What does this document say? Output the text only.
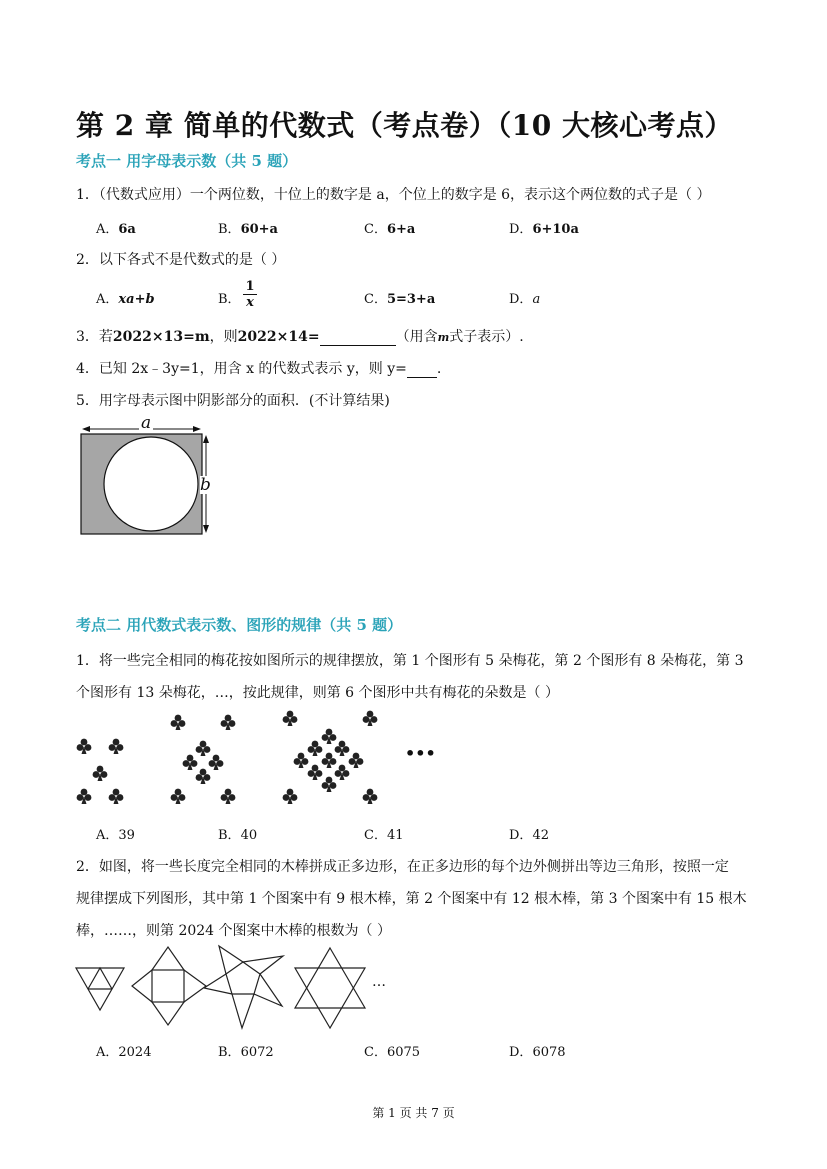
第 2 章 简单的代数式（考点卷）（10 大核心考点）
考点一 用字母表示数（共 5 题）
1．（代数式应用）一个两位数，十位上的数字是 a，个位上的数字是 6，表示这个两位数的式子是（ ）
A．6a	B．60+a	C．6+a	D．6+10a
2．以下各式不是代数式的是（ ）
A．xa+b	B． $\frac{1}{x}$	C．5=3+a	D．a
3．若2022×13=m，则2022×14=	（用含m式子表示）.
4．已知 2x﹣3y=1，用含 x 的代数式表示 y，则 y= .
5．用字母表示图中阴影部分的面积．(不计算结果)
a
b
考点二 用代数式表示数、图形的规律（共 5 题）
1．将一些完全相同的梅花按如图所示的规律摆放，第 1 个图形有 5 朵梅花，第 2 个图形有 8 朵梅花，第 3
个图形有 13 朵梅花，…，按此规律，则第 6 个图形中共有梅花的朵数是（ ）
•••
A．39	B．40	C．41	D．42
2．如图，将一些长度完全相同的木棒拼成正多边形，在正多边形的每个边外侧拼出等边三角形，按照一定
规律摆成下列图形，其中第 1 个图案中有 9 根木棒，第 2 个图案中有 12 根木棒，第 3 个图案中有 15 根木
棒，……，则第 2024 个图案中木棒的根数为（ ）
…
A．2024	B．6072	C．6075	D．6078
第 1 页 共 7 页
